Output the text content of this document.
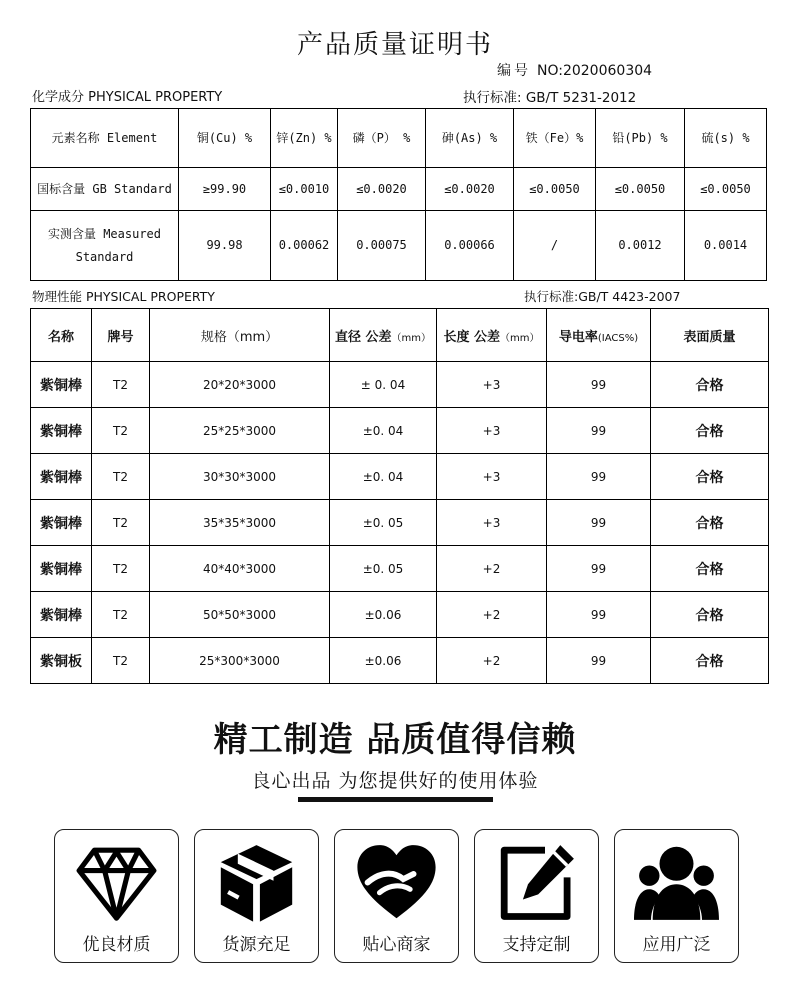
产品质量证明书
编号 NO:2020060304
化学成分 PHYSICAL PROPERTY	执行标准: GB/T 5231-2012
元素名称 Element	铜(Cu) %	锌(Zn) %	磷（P） %	砷(As) %	铁（Fe）%	铅(Pb) %	硫(s) %
国标含量 GB Standard	≥99.90	≤0.0010	≤0.0020	≤0.0020	≤0.0050	≤0.0050	≤0.0050
实测含量 Measured Standard	99.98	0.00062	0.00075	0.00066	/	0.0012	0.0014
物理性能 PHYSICAL PROPERTY	执行标准:GB/T 4423-2007
名称	牌号	规格（mm）	直径 公差（mm）	长度 公差（mm）	导电率(IACS%)	表面质量
紫铜棒	T2	20*20*3000	± 0. 04	+3	99	合格
紫铜棒	T2	25*25*3000	±0. 04	+3	99	合格
紫铜棒	T2	30*30*3000	±0. 04	+3	99	合格
紫铜棒	T2	35*35*3000	±0. 05	+3	99	合格
紫铜棒	T2	40*40*3000	±0. 05	+2	99	合格
紫铜棒	T2	50*50*3000	±0.06	+2	99	合格
紫铜板	T2	25*300*3000	±0.06	+2	99	合格
精工制造 品质值得信赖
良心出品 为您提供好的使用体验
优良材质	货源充足	贴心商家	支持定制	应用广泛
